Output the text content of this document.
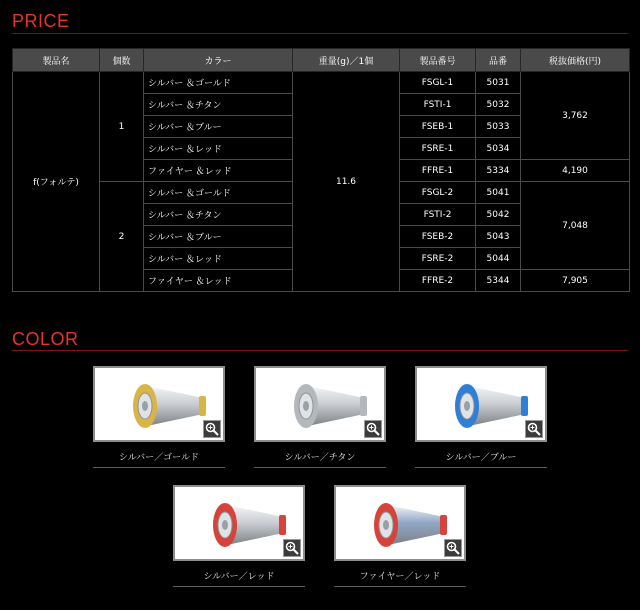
PRICE
製品名	個数	カラー	重量(g)／1個	製品番号	品番	税抜価格(円)
f(フォルテ)	1	シルバー ＆ゴールド	11.6	FSGL-1	5031	3,762
		シルバー ＆チタン		FSTI-1	5032	
		シルバー ＆ブルー		FSEB-1	5033	
		シルバー ＆レッド		FSRE-1	5034	
		ファイヤー ＆レッド		FFRE-1	5334	4,190
	2	シルバー ＆ゴールド		FSGL-2	5041	7,048
		シルバー ＆チタン		FSTI-2	5042	
		シルバー ＆ブルー		FSEB-2	5043	
		シルバー ＆レッド		FSRE-2	5044	
		ファイヤー ＆レッド		FFRE-2	5344	7,905
COLOR
シルバー／ゴールド	シルバー／チタン	シルバー／ブルー
シルバー／レッド	ファイヤー／レッド
